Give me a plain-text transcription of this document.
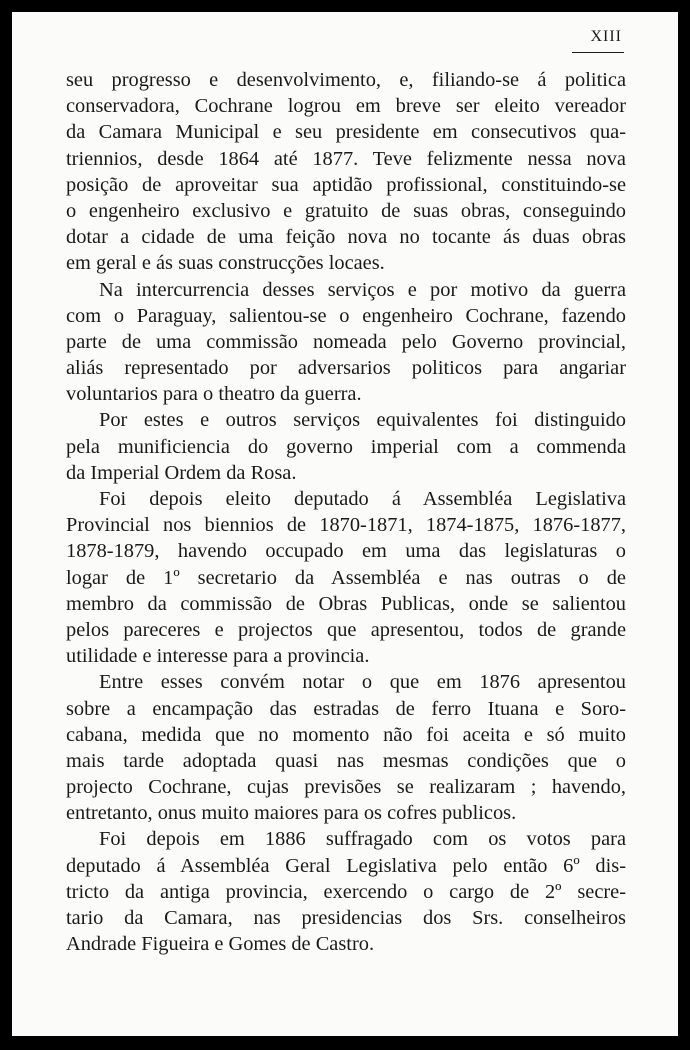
XIII
seu progresso e desenvolvimento, e, filiando-se á politica
conservadora, Cochrane logrou em breve ser eleito vereador
da Camara Municipal e seu presidente em consecutivos qua-
triennios, desde 1864 até 1877. Teve felizmente nessa nova
posição de aproveitar sua aptidão profissional, constituindo-se
o engenheiro exclusivo e gratuito de suas obras, conseguindo
dotar a cidade de uma feição nova no tocante ás duas obras
em geral e ás suas construcções locaes.
Na intercurrencia desses serviços e por motivo da guerra
com o Paraguay, salientou-se o engenheiro Cochrane, fazendo
parte de uma commissão nomeada pelo Governo provincial,
aliás representado por adversarios politicos para angariar
voluntarios para o theatro da guerra.
Por estes e outros serviços equivalentes foi distinguido
pela munificiencia do governo imperial com a commenda
da Imperial Ordem da Rosa.
Foi depois eleito deputado á Assembléa Legislativa
Provincial nos biennios de 1870-1871, 1874-1875, 1876-1877,
1878-1879, havendo occupado em uma das legislaturas o
logar de 1º secretario da Assembléa e nas outras o de
membro da commissão de Obras Publicas, onde se salientou
pelos pareceres e projectos que apresentou, todos de grande
utilidade e interesse para a provincia.
Entre esses convém notar o que em 1876 apresentou
sobre a encampação das estradas de ferro Ituana e Soro-
cabana, medida que no momento não foi aceita e só muito
mais tarde adoptada quasi nas mesmas condições que o
projecto Cochrane, cujas previsões se realizaram ; havendo,
entretanto, onus muito maiores para os cofres publicos.
Foi depois em 1886 suffragado com os votos para
deputado á Assembléa Geral Legislativa pelo então 6º dis-
tricto da antiga provincia, exercendo o cargo de 2º secre-
tario da Camara, nas presidencias dos Srs. conselheiros
Andrade Figueira e Gomes de Castro.
